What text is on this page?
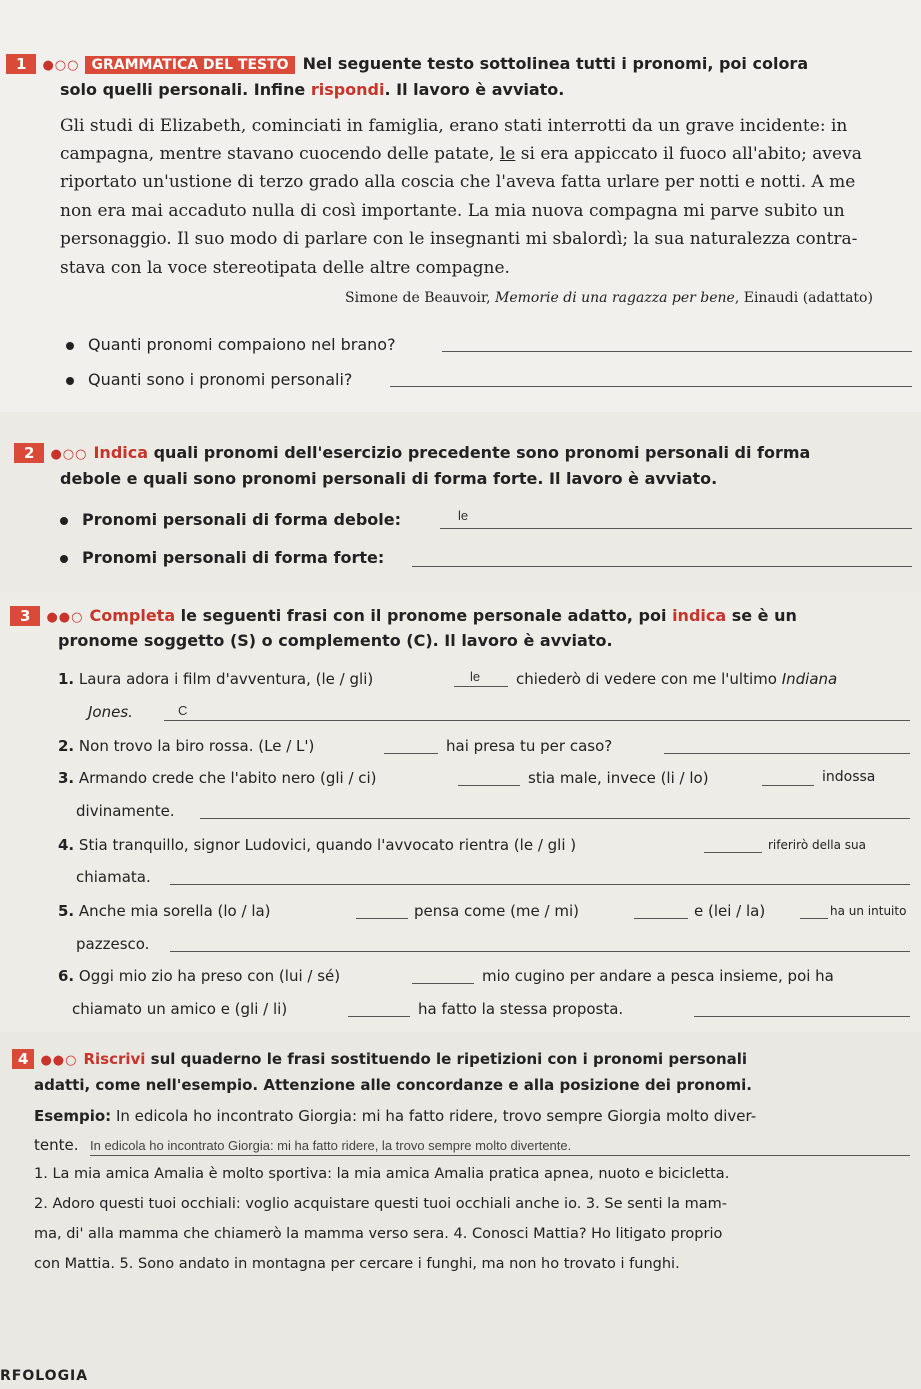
1 ●○○ GRAMMATICA DEL TESTO Nel seguente testo sottolinea tutti i pronomi, poi colora
solo quelli personali. Infine rispondi. Il lavoro è avviato.
Gli studi di Elizabeth, cominciati in famiglia, erano stati interrotti da un grave incidente: in
campagna, mentre stavano cuocendo delle patate, le si era appiccato il fuoco all'abito; aveva
riportato un'ustione di terzo grado alla coscia che l'aveva fatta urlare per notti e notti. A me
non era mai accaduto nulla di così importante. La mia nuova compagna mi parve subito un
personaggio. Il suo modo di parlare con le insegnanti mi sbalordì; la sua naturalezza contra-
stava con la voce stereotipata delle altre compagne.
Simone de Beauvoir, Memorie di una ragazza per bene, Einaudi (adattato)
Quanti pronomi compaiono nel brano?
Quanti sono i pronomi personali?
2 ●○○ Indica quali pronomi dell'esercizio precedente sono pronomi personali di forma
debole e quali sono pronomi personali di forma forte. Il lavoro è avviato.
Pronomi personali di forma debole:	le
Pronomi personali di forma forte:
3 ●●○ Completa le seguenti frasi con il pronome personale adatto, poi indica se è un
pronome soggetto (S) o complemento (C). Il lavoro è avviato.
1. Laura adora i film d'avventura, (le / gli)	le chiederò di vedere con me l'ultimo Indiana
Jones.	C
2. Non trovo la biro rossa. (Le / L')	hai presa tu per caso?
3. Armando crede che l'abito nero (gli / ci)	stia male, invece (li / lo)	indossa
divinamente.
4. Stia tranquillo, signor Ludovici, quando l'avvocato rientra (le / gli )	riferirò della sua
chiamata.
5. Anche mia sorella (lo / la)	pensa come (me / mi)	e (lei / la)	ha un intuito
pazzesco.
6. Oggi mio zio ha preso con (lui / sé)	mio cugino per andare a pesca insieme, poi ha
chiamato un amico e (gli / li)	ha fatto la stessa proposta.
4 ●●○ Riscrivi sul quaderno le frasi sostituendo le ripetizioni con i pronomi personali
adatti, come nell'esempio. Attenzione alle concordanze e alla posizione dei pronomi.
Esempio: In edicola ho incontrato Giorgia: mi ha fatto ridere, trovo sempre Giorgia molto diver-
tente. In edicola ho incontrato Giorgia: mi ha fatto ridere, la trovo sempre molto divertente.
1. La mia amica Amalia è molto sportiva: la mia amica Amalia pratica apnea, nuoto e bicicletta.
2. Adoro questi tuoi occhiali: voglio acquistare questi tuoi occhiali anche io. 3. Se senti la mam-
ma, di' alla mamma che chiamerò la mamma verso sera. 4. Conosci Mattia? Ho litigato proprio
con Mattia. 5. Sono andato in montagna per cercare i funghi, ma non ho trovato i funghi.
RFOLOGIA
